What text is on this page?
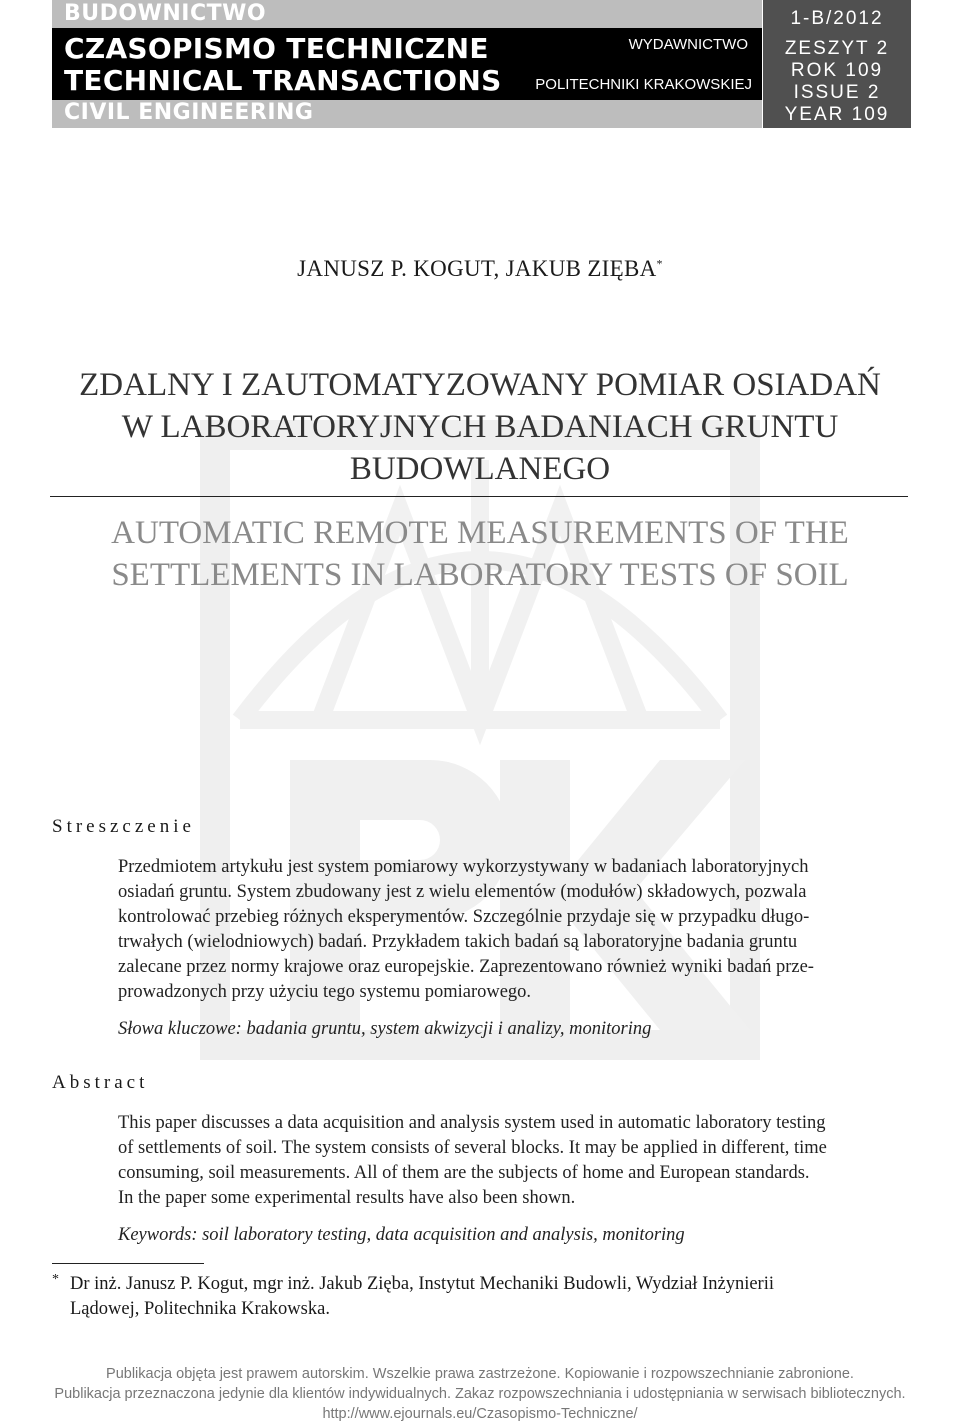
BUDOWNICTWO
CZASOPISMO TECHNICZNE
TECHNICAL TRANSACTIONS
WYDAWNICTWO
POLITECHNIKI KRAKOWSKIEJ
CIVIL ENGINEERING
1-B/2012
ZESZYT 2
ROK 109
ISSUE 2
YEAR 109
JANUSZ P. KOGUT, JAKUB ZIĘBA*
ZDALNY I ZAUTOMATYZOWANY POMIAR OSIADAŃ
W LABORATORYJNYCH BADANIACH GRUNTU
BUDOWLANEGO
AUTOMATIC REMOTE MEASUREMENTS OF THE
SETTLEMENTS IN LABORATORY TESTS OF SOIL
Streszczenie
Przedmiotem artykułu jest system pomiarowy wykorzystywany w badaniach laboratoryjnych
osiadań gruntu. System zbudowany jest z wielu elementów (modułów) składowych, pozwala
kontrolować przebieg różnych eksperymentów. Szczególnie przydaje się w przypadku długo-
trwałych (wielodniowych) badań. Przykładem takich badań są laboratoryjne badania gruntu
zalecane przez normy krajowe oraz europejskie. Zaprezentowano również wyniki badań prze-
prowadzonych przy użyciu tego systemu pomiarowego.
Słowa kluczowe: badania gruntu, system akwizycji i analizy, monitoring
Abstract
This paper discusses a data acquisition and analysis system used in automatic laboratory testing
of settlements of soil. The system consists of several blocks. It may be applied in different, time
consuming, soil measurements. All of them are the subjects of home and European standards.
In the paper some experimental results have also been shown.
Keywords: soil laboratory testing, data acquisition and analysis, monitoring
* Dr inż. Janusz P. Kogut, mgr inż. Jakub Zięba, Instytut Mechaniki Budowli, Wydział Inżynierii
Lądowej, Politechnika Krakowska.
Publikacja objęta jest prawem autorskim. Wszelkie prawa zastrzeżone. Kopiowanie i rozpowszechnianie zabronione.
Publikacja przeznaczona jedynie dla klientów indywidualnych. Zakaz rozpowszechniania i udostępniania w serwisach bibliotecznych.
http://www.ejournals.eu/Czasopismo-Techniczne/
